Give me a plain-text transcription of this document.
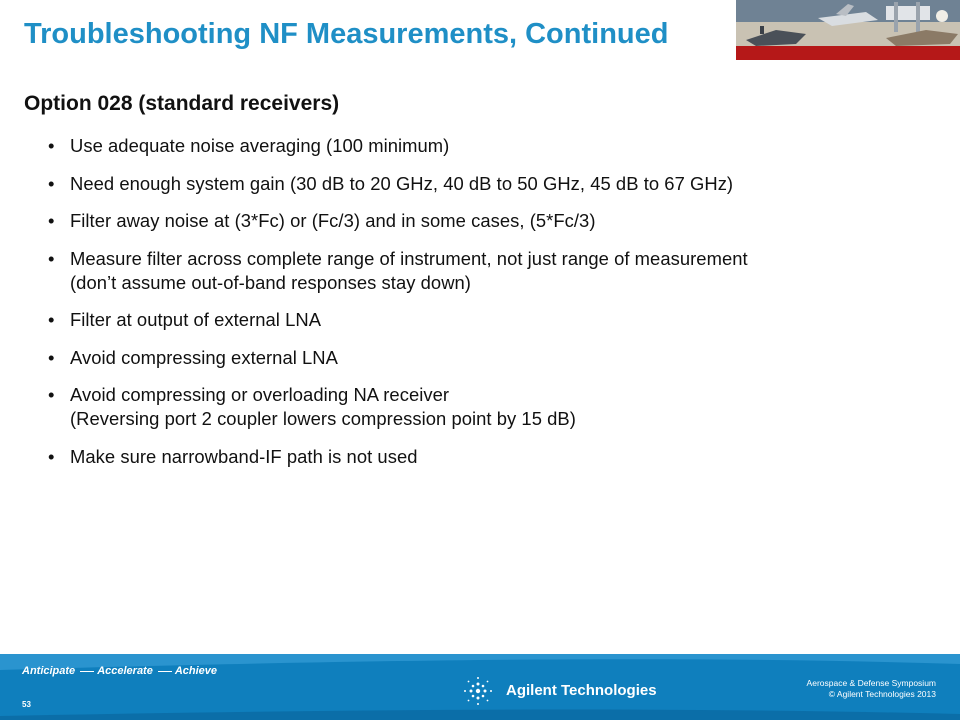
Troubleshooting NF Measurements, Continued
Option 028 (standard receivers)
• Use adequate noise averaging (100 minimum)
• Need enough system gain (30 dB to 20 GHz, 40 dB to 50 GHz, 45 dB to 67 GHz)
• Filter away noise at (3*Fc) or (Fc/3) and in some cases, (5*Fc/3)
• Measure filter across complete range of instrument, not just range of measurement
(don’t assume out-of-band responses stay down)
• Filter at output of external LNA
• Avoid compressing external LNA
• Avoid compressing or overloading NA receiver
(Reversing port 2 coupler lowers compression point by 15 dB)
• Make sure narrowband-IF path is not used
Anticipate Accelerate Achieve
53
Agilent Technologies	Aerospace & Defense Symposium
© Agilent Technologies 2013
